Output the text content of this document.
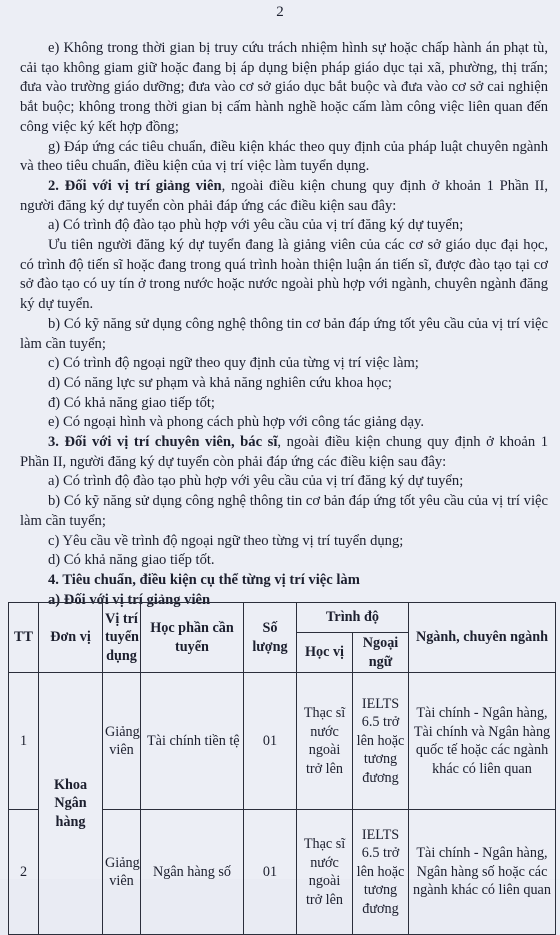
2

e) Không trong thời gian bị truy cứu trách nhiệm hình sự hoặc chấp hành án phạt tù, cải tạo không giam giữ hoặc đang bị áp dụng biện pháp giáo dục tại xã, phường, thị trấn; đưa vào trường giáo dưỡng; đưa vào cơ sở giáo dục bắt buộc và đưa vào cơ sở cai nghiện bắt buộc; không trong thời gian bị cấm hành nghề hoặc cấm làm công việc liên quan đến công việc ký kết hợp đồng;

g) Đáp ứng các tiêu chuẩn, điều kiện khác theo quy định của pháp luật chuyên ngành và theo tiêu chuẩn, điều kiện của vị trí việc làm tuyển dụng.

2. Đối với vị trí giảng viên, ngoài điều kiện chung quy định ở khoản 1 Phần II, người đăng ký dự tuyển còn phải đáp ứng các điều kiện sau đây:

a) Có trình độ đào tạo phù hợp với yêu cầu của vị trí đăng ký dự tuyển;

Ưu tiên người đăng ký dự tuyển đang là giảng viên của các cơ sở giáo dục đại học, có trình độ tiến sĩ hoặc đang trong quá trình hoàn thiện luận án tiến sĩ, được đào tạo tại cơ sở đào tạo có uy tín ở trong nước hoặc nước ngoài phù hợp với ngành, chuyên ngành đăng ký dự tuyển.

b) Có kỹ năng sử dụng công nghệ thông tin cơ bản đáp ứng tốt yêu cầu của vị trí việc làm cần tuyển;

c) Có trình độ ngoại ngữ theo quy định của từng vị trí việc làm;

d) Có năng lực sư phạm và khả năng nghiên cứu khoa học;

đ) Có khả năng giao tiếp tốt;

e) Có ngoại hình và phong cách phù hợp với công tác giảng dạy.

3. Đối với vị trí chuyên viên, bác sĩ, ngoài điều kiện chung quy định ở khoản 1 Phần II, người đăng ký dự tuyển còn phải đáp ứng các điều kiện sau đây:

a) Có trình độ đào tạo phù hợp với yêu cầu của vị trí đăng ký dự tuyển;

b) Có kỹ năng sử dụng công nghệ thông tin cơ bản đáp ứng tốt yêu cầu của vị trí việc làm cần tuyển;

c) Yêu cầu về trình độ ngoại ngữ theo từng vị trí tuyển dụng;

d) Có khả năng giao tiếp tốt.

4. Tiêu chuẩn, điều kiện cụ thể từng vị trí việc làm

a) Đối với vị trí giảng viên

TT	Đơn vị	Vị trí tuyển dụng	Học phần cần tuyển	Số lượng	Trình độ		Ngành, chuyên ngành
					Học vị	Ngoại ngữ	
1	Khoa Ngân hàng	Giảng viên	Tài chính tiền tệ	01	Thạc sĩ nước ngoài trở lên	IELTS 6.5 trở lên hoặc tương đương	Tài chính - Ngân hàng, Tài chính và Ngân hàng quốc tế hoặc các ngành khác có liên quan
2		Giảng viên	Ngân hàng số	01	Thạc sĩ nước ngoài trở lên	IELTS 6.5 trở lên hoặc tương đương	Tài chính - Ngân hàng, Ngân hàng số hoặc các ngành khác có liên quan
